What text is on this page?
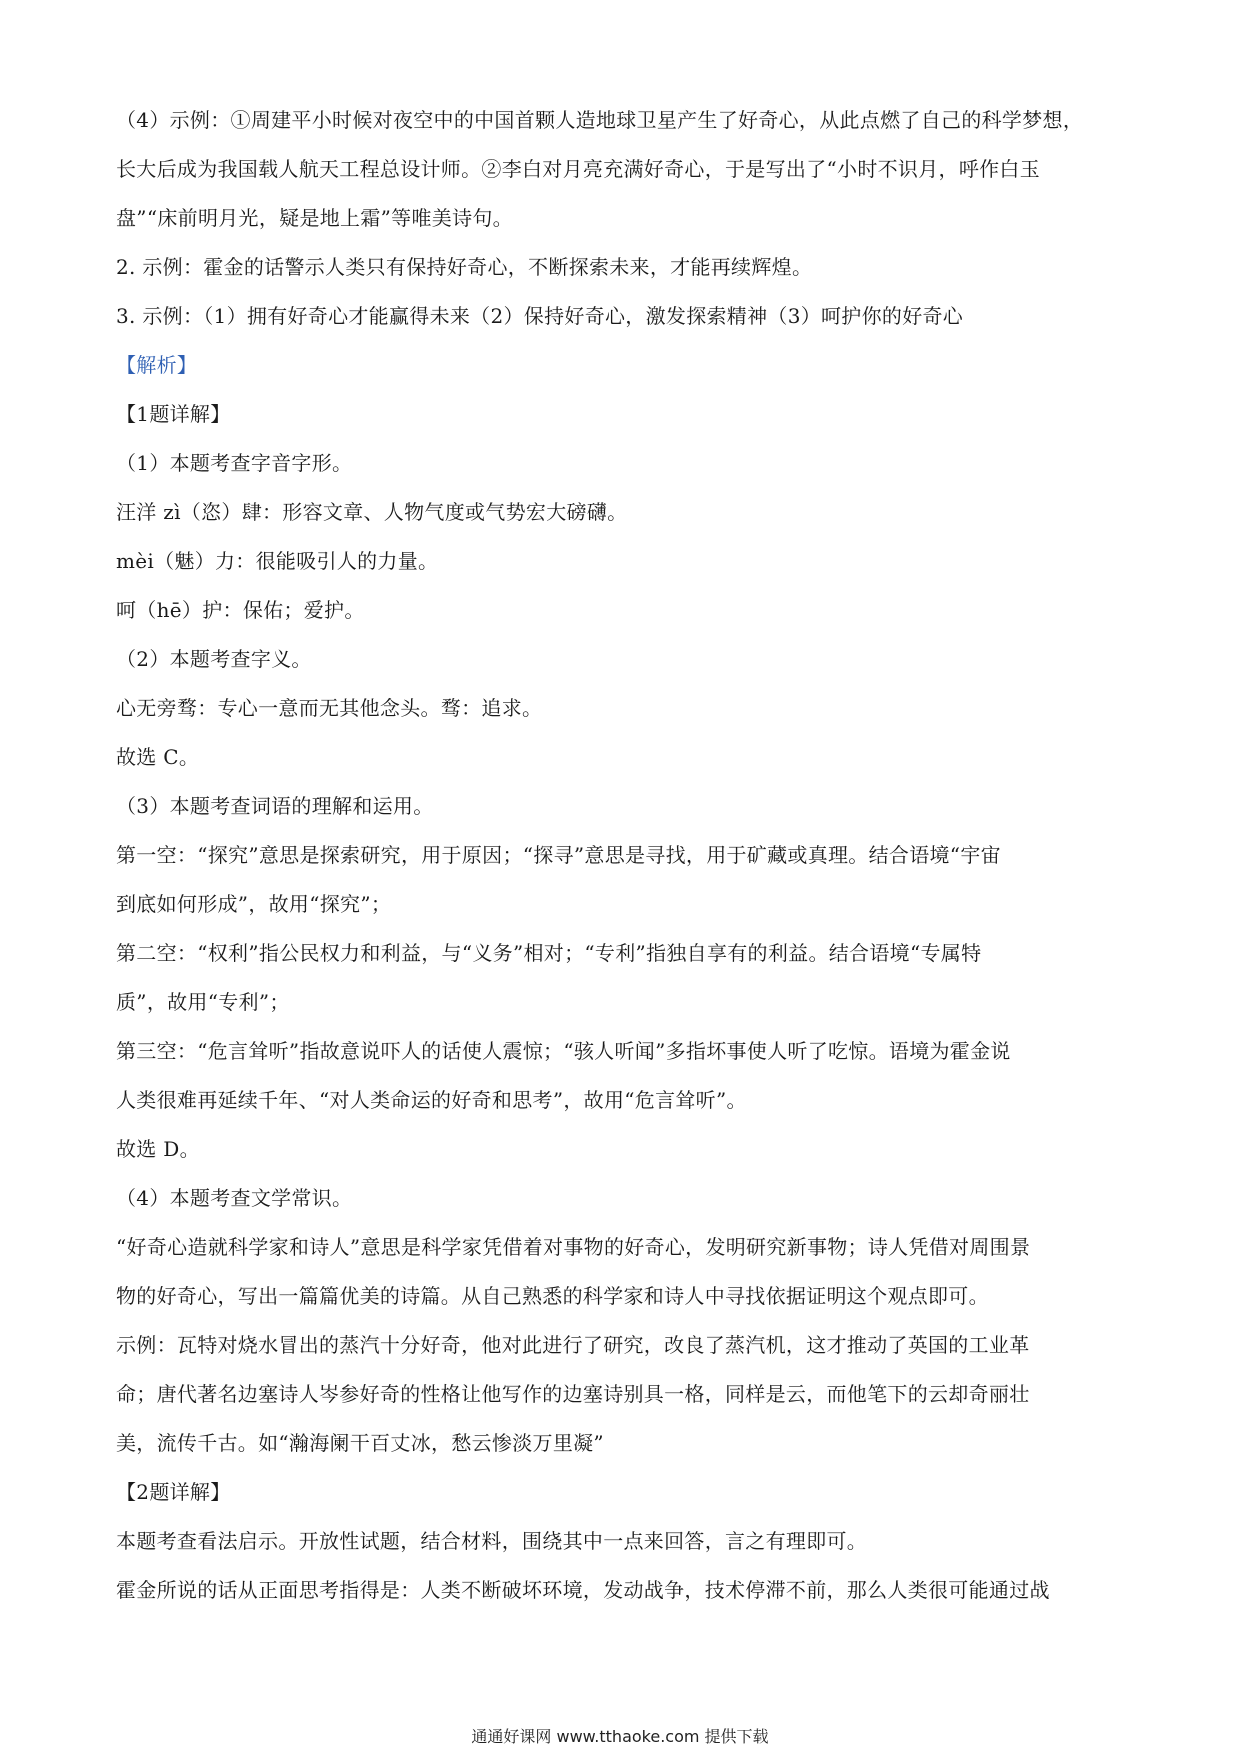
（4）示例：①周建平小时候对夜空中的中国首颗人造地球卫星产生了好奇心，从此点燃了自己的科学梦想，

长大后成为我国载人航天工程总设计师。②李白对月亮充满好奇心，于是写出了“小时不识月，呼作白玉

盘”“床前明月光，疑是地上霜”等唯美诗句。

2. 示例：霍金的话警示人类只有保持好奇心，不断探索未来，才能再续辉煌。

3. 示例：（1）拥有好奇心才能赢得未来（2）保持好奇心，激发探索精神（3）呵护你的好奇心

【解析】

【1题详解】

（1）本题考查字音字形。

汪洋 zì（恣）肆：形容文章、人物气度或气势宏大磅礴。

mèi（魅）力：很能吸引人的力量。

呵（hē）护：保佑；爱护。

（2）本题考查字义。

心无旁骛：专心一意而无其他念头。骛：追求。

故选 C。

（3）本题考查词语的理解和运用。

第一空：“探究”意思是探索研究，用于原因；“探寻”意思是寻找，用于矿藏或真理。结合语境“宇宙

到底如何形成”，故用“探究”；

第二空：“权利”指公民权力和利益，与“义务”相对；“专利”指独自享有的利益。结合语境“专属特

质”，故用“专利”；

第三空：“危言耸听”指故意说吓人的话使人震惊；“骇人听闻”多指坏事使人听了吃惊。语境为霍金说

人类很难再延续千年、“对人类命运的好奇和思考”，故用“危言耸听”。

故选 D。

（4）本题考查文学常识。

“好奇心造就科学家和诗人”意思是科学家凭借着对事物的好奇心，发明研究新事物；诗人凭借对周围景

物的好奇心，写出一篇篇优美的诗篇。从自己熟悉的科学家和诗人中寻找依据证明这个观点即可。

示例：瓦特对烧水冒出的蒸汽十分好奇，他对此进行了研究，改良了蒸汽机，这才推动了英国的工业革

命；唐代著名边塞诗人岑参好奇的性格让他写作的边塞诗别具一格，同样是云，而他笔下的云却奇丽壮

美，流传千古。如“瀚海阑干百丈冰，愁云惨淡万里凝”

【2题详解】

本题考查看法启示。开放性试题，结合材料，围绕其中一点来回答，言之有理即可。

霍金所说的话从正面思考指得是：人类不断破坏环境，发动战争，技术停滞不前，那么人类很可能通过战

通通好课网 www.tthaoke.com 提供下载
